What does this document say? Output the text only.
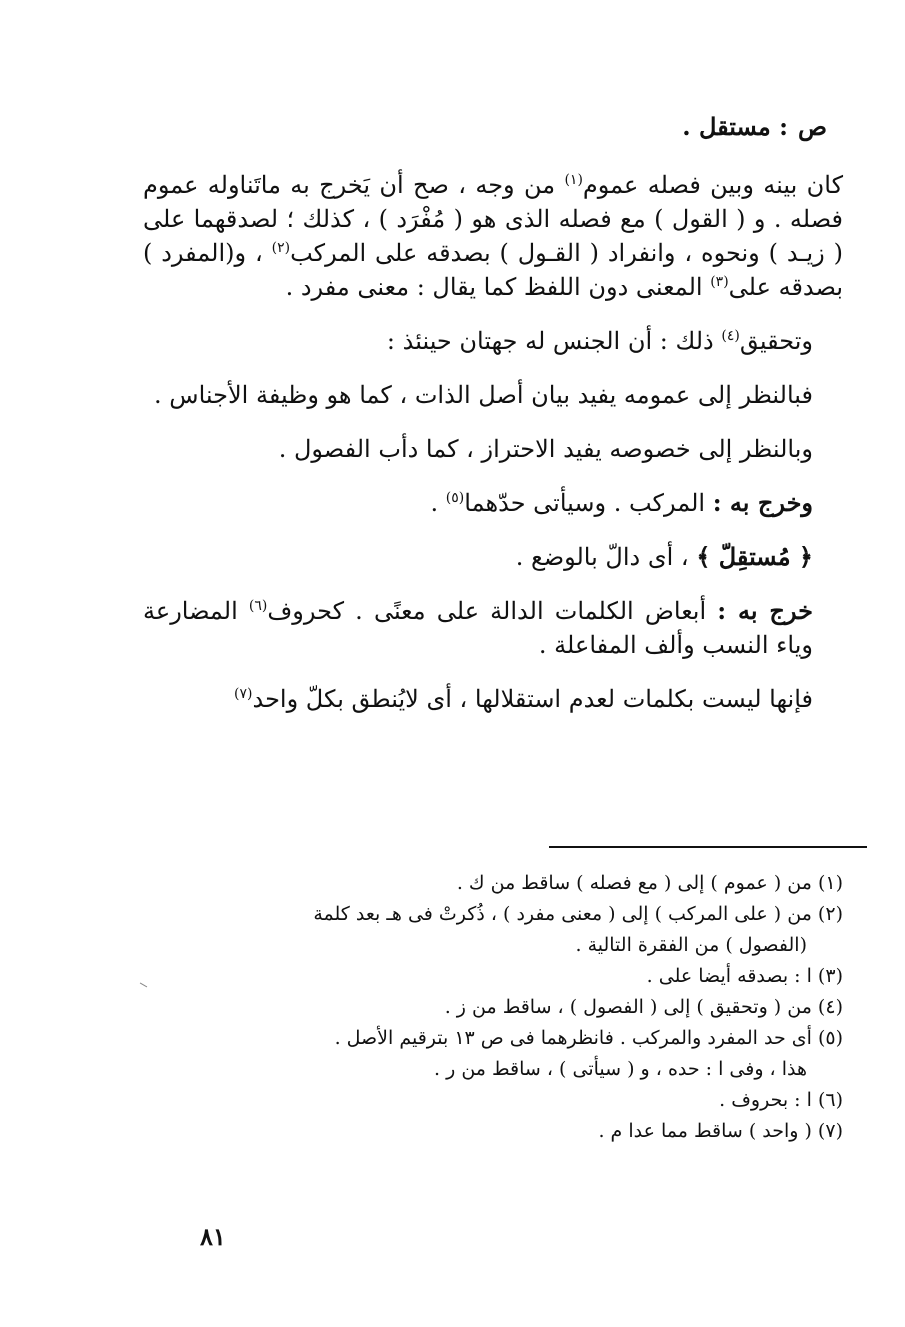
ص
: مستقل .

كان بينه وبين فصله عموم$^{(١)}$ من وجه ، صح أن يَخرج به ماتَناوله عموم فصله . و ( القول ) مع فصله الذى هو ( مُفْرَد ) ، كذلك ؛ لصدقهما على ( زيـد ) ونحوه ، وانفراد ( القـول ) بصدقه على المركب$^{(٢)}$ ، و(المفرد ) بصدقه على$^{(٣)}$ المعنى دون اللفظ كما يقال : معنى مفرد .

وتحقيق$^{(٤)}$ ذلك : أن الجنس له جهتان حينئذ :

فبالنظر إلى عمومه يفيد بيان أصل الذات ، كما هو وظيفة الأجناس .

وبالنظر إلى خصوصه يفيد الاحتراز ، كما دأب الفصول .

وخرج به : المركب . وسيأتى حدّهما$^{(٥)}$ .

﴿ مُستقِلّ ﴾ ، أى دالّ بالوضع .

خرج به : أبعاض الكلمات الدالة على معنًى . كحروف$^{(٦)}$ المضارعة وياء النسب وألف المفاعلة .

فإنها ليست بكلمات لعدم استقلالها ، أى لايُنطق بكلّ واحد$^{(٧)}$

(١) من ( عموم ) إلى ( مع فصله ) ساقط من ك .
(٢) من ( على المركب ) إلى ( معنى مفرد ) ، ذُكرتْ فى هـ بعد كلمة
(الفصول ) من الفقرة التالية .
(٣) ا : بصدقه أيضا على .
(٤) من ( وتحقيق ) إلى ( الفصول ) ، ساقط من ز .
(٥) أى حد المفرد والمركب . فانظرهما فى ص ١٣ بترقيم الأصل .
هذا ، وفى ا : حده ، و ( سيأتى ) ، ساقط من ر .
(٦) ا : بحروف .
(٧) ( واحد ) ساقط مما عدا م .
٨١
